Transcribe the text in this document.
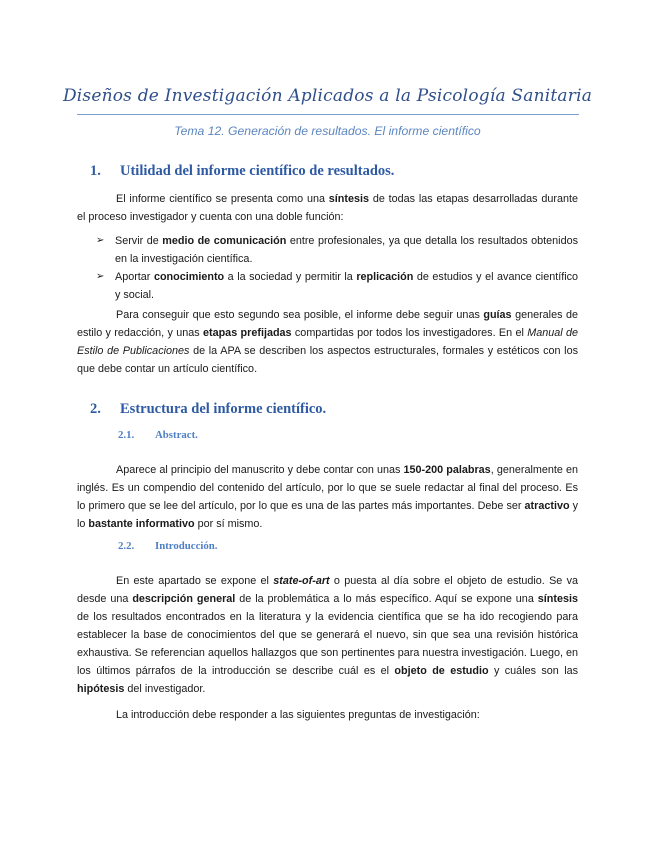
Diseños de Investigación Aplicados a la Psicología Sanitaria
Tema 12. Generación de resultados. El informe científico
1. Utilidad del informe científico de resultados.

El informe científico se presenta como una síntesis de todas las etapas desarrolladas durante el proceso investigador y cuenta con una doble función:

➢ Servir de medio de comunicación entre profesionales, ya que detalla los resultados obtenidos en la investigación científica.
➢ Aportar conocimiento a la sociedad y permitir la replicación de estudios y el avance científico y social.

Para conseguir que esto segundo sea posible, el informe debe seguir unas guías generales de estilo y redacción, y unas etapas prefijadas compartidas por todos los investigadores. En el Manual de Estilo de Publicaciones de la APA se describen los aspectos estructurales, formales y estéticos con los que debe contar un artículo científico.

2. Estructura del informe científico.
2.1. Abstract.

Aparece al principio del manuscrito y debe contar con unas 150-200 palabras, generalmente en inglés. Es un compendio del contenido del artículo, por lo que se suele redactar al final del proceso. Es lo primero que se lee del artículo, por lo que es una de las partes más importantes. Debe ser atractivo y lo bastante informativo por sí mismo.

2.2. Introducción.

En este apartado se expone el state-of-art o puesta al día sobre el objeto de estudio. Se va desde una descripción general de la problemática a lo más específico. Aquí se expone una síntesis de los resultados encontrados en la literatura y la evidencia científica que se ha ido recogiendo para establecer la base de conocimientos del que se generará el nuevo, sin que sea una revisión histórica exhaustiva. Se referencian aquellos hallazgos que son pertinentes para nuestra investigación. Luego, en los últimos párrafos de la introducción se describe cuál es el objeto de estudio y cuáles son las hipótesis del investigador.

La introducción debe responder a las siguientes preguntas de investigación:
